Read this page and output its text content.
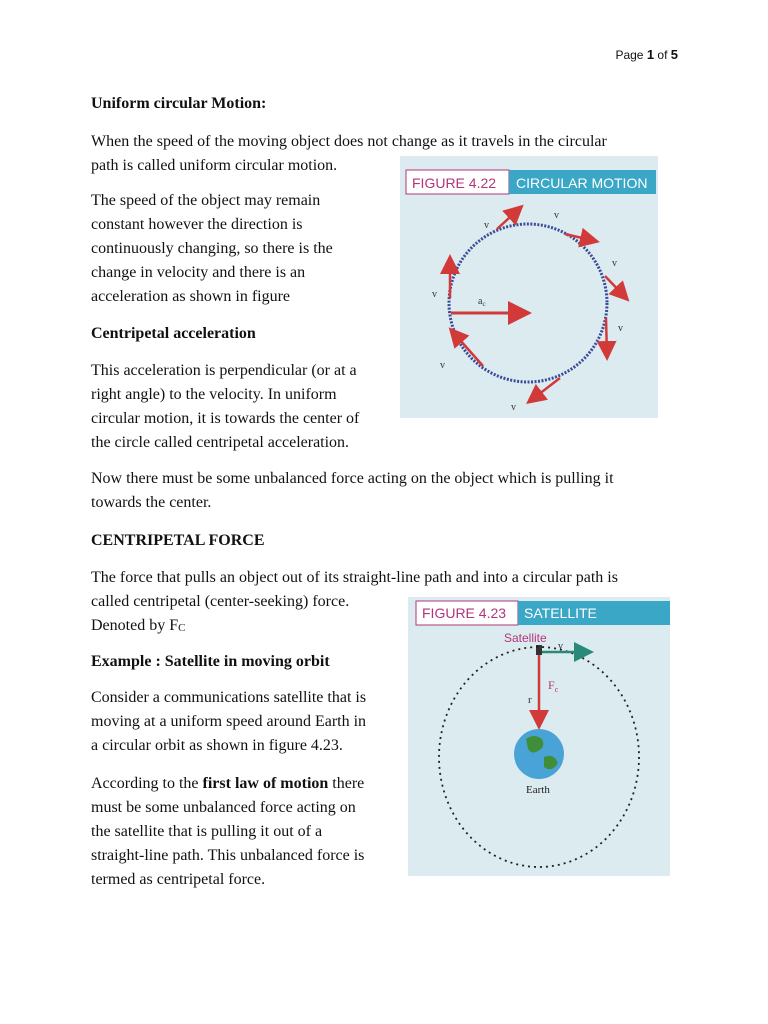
Page 1 of 5

Uniform circular Motion:

When the speed of the moving object does not change as it travels in the circular
path is called uniform circular motion.

The speed of the object may remain
constant however the direction is
continuously changing, so there is the
change in velocity and there is an
acceleration as shown in figure

Centripetal acceleration

This acceleration is perpendicular (or at a
right angle) to the velocity. In uniform
circular motion, it is towards the center of
the circle called centripetal acceleration.

Now there must be some unbalanced force acting on the object which is pulling it
towards the center.

CENTRIPETAL FORCE

The force that pulls an object out of its straight-line path and into a circular path is
called centripetal (center-seeking) force.
Denoted by $F_C$

Example : Satellite in moving orbit

Consider a communications satellite that is
moving at a uniform speed around Earth in
a circular orbit as shown in figure 4.23.

According to the first law of motion there
must be some unbalanced force acting on
the satellite that is pulling it out of a
straight-line path. This unbalanced force is
termed as centripetal force.

FIGURE 4.22 CIRCULAR MOTION
$a_c$
v
v
v
v
v
v
v
FIGURE 4.23 SATELLITE
Satellite
v
$F_c$
r
Earth
